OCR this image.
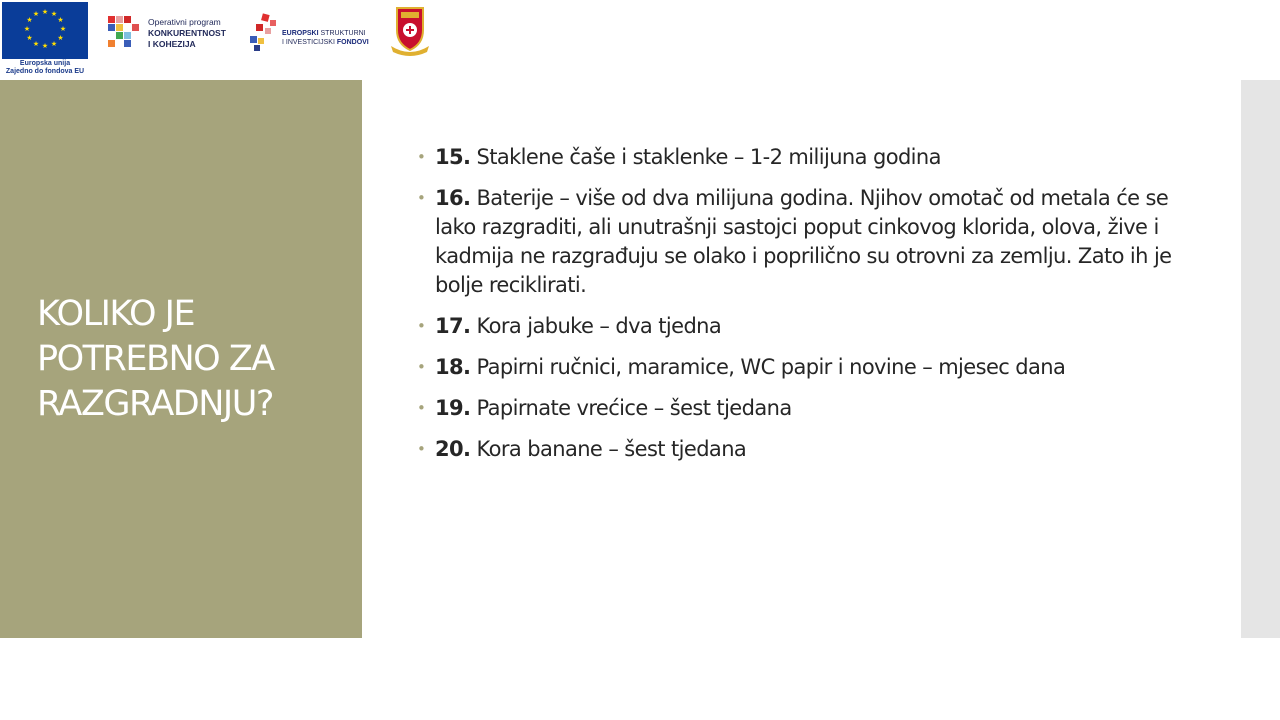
★ ★
★
★
★
★
★
★
★
★
★
★
Europska unija
Zajedno do fondova EU
Operativni program
KONKURENTNOST
I KOHEZIJA
EUROPSKI STRUKTURNI
I INVESTICIJSKI FONDOVI
KOLIKO JE POTREBNO ZA RAZGRADNJU?
• 15. Staklene čaše i staklenke – 1-2 milijuna godina
• 16. Baterije – više od dva milijuna godina. Njihov omotač od metala će se lako razgraditi, ali unutrašnji sastojci poput cinkovog klorida, olova, žive i kadmija ne razgrađuju se olako i poprilično su otrovni za zemlju. Zato ih je bolje reciklirati.
• 17. Kora jabuke – dva tjedna
• 18. Papirni ručnici, maramice, WC papir i novine – mjesec dana
• 19. Papirnate vrećice – šest tjedana
• 20. Kora banane – šest tjedana
